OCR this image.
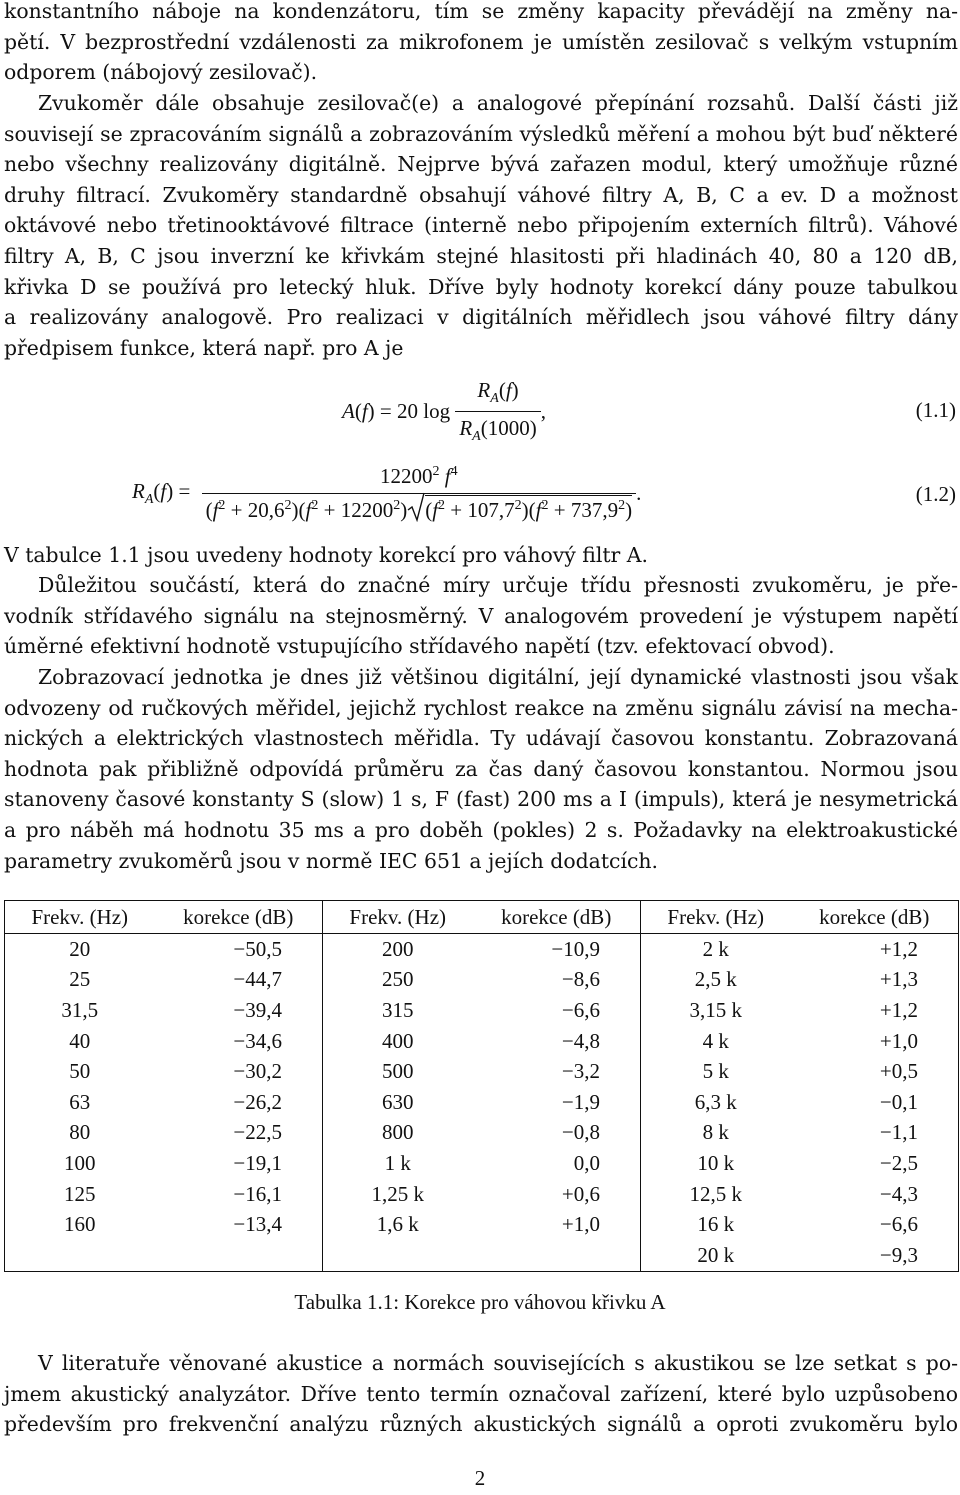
konstantního náboje na kondenzátoru, tím se změny kapacity převádějí na změny na-
pětí. V bezprostřední vzdálenosti za mikrofonem je umístěn zesilovač s velkým vstupním
odporem (nábojový zesilovač).
Zvukoměr dále obsahuje zesilovač(e) a analogové přepínání rozsahů. Další části již
souvisejí se zpracováním signálů a zobrazováním výsledků měření a mohou být buď některé
nebo všechny realizovány digitálně. Nejprve bývá zařazen modul, který umožňuje různé
druhy filtrací. Zvukoměry standardně obsahují váhové filtry A, B, C a ev. D a možnost
oktávové nebo třetinooktávové filtrace (interně nebo připojením externích filtrů). Váhové
filtry A, B, C jsou inverzní ke křivkám stejné hlasitosti při hladinách 40, 80 a 120 dB,
křivka D se používá pro letecký hluk. Dříve byly hodnoty korekcí dány pouze tabulkou
a realizovány analogově. Pro realizaci v digitálních měřidlech jsou váhové filtry dány
předpisem funkce, která např. pro A je
A(f) = 20 $\log \frac{R_A(f)}{R_A(1000)}$ ,	(1.1)
$R_A(f) = \frac{12200^2 f^4}{(f^2 + 20,6^2)(f^2 + 12200^2) (f^2 + 107,7^2)(f^2 + 737,9^2)}$ .	(1.2)
V tabulce 1.1 jsou uvedeny hodnoty korekcí pro váhový filtr A.
Důležitou součástí, která do značné míry určuje třídu přesnosti zvukoměru, je pře-
vodník střídavého signálu na stejnosměrný. V analogovém provedení je výstupem napětí
úměrné efektivní hodnotě vstupujícího střídavého napětí (tzv. efektovací obvod).
Zobrazovací jednotka je dnes již většinou digitální, její dynamické vlastnosti jsou však
odvozeny od ručkových měřidel, jejichž rychlost reakce na změnu signálu závisí na mecha-
nických a elektrických vlastnostech měřidla. Ty udávají časovou konstantu. Zobrazovaná
hodnota pak přibližně odpovídá průměru za čas daný časovou konstantou. Normou jsou
stanoveny časové konstanty S (slow) 1 s, F (fast) 200 ms a I (impuls), která je nesymetrická
a pro náběh má hodnotu 35 ms a pro doběh (pokles) 2 s. Požadavky na elektroakustické
parametry zvukoměrů jsou v normě IEC 651 a jejích dodatcích.
Frekv. (Hz)	korekce (dB)	Frekv. (Hz)	korekce (dB)	Frekv. (Hz)	korekce (dB)
20	−50,5	200	−10,9	2 k	+1,2
25	−44,7	250	−8,6	2,5 k	+1,3
31,5	−39,4	315	−6,6	3,15 k	+1,2
40	−34,6	400	−4,8	4 k	+1,0
50	−30,2	500	−3,2	5 k	+0,5
63	−26,2	630	−1,9	6,3 k	−0,1
80	−22,5	800	−0,8	8 k	−1,1
100	−19,1	1 k	0,0	10 k	−2,5
125	−16,1	1,25 k	+0,6	12,5 k	−4,3
160	−13,4	1,6 k	+1,0	16 k	−6,6
				20 k	−9,3
Tabulka 1.1: Korekce pro váhovou křivku A
V literatuře věnované akustice a normách souvisejících s akustikou se lze setkat s po-
jmem akustický analyzátor. Dříve tento termín označoval zařízení, které bylo uzpůsobeno
především pro frekvenční analýzu různých akustických signálů a oproti zvukoměru bylo
2
